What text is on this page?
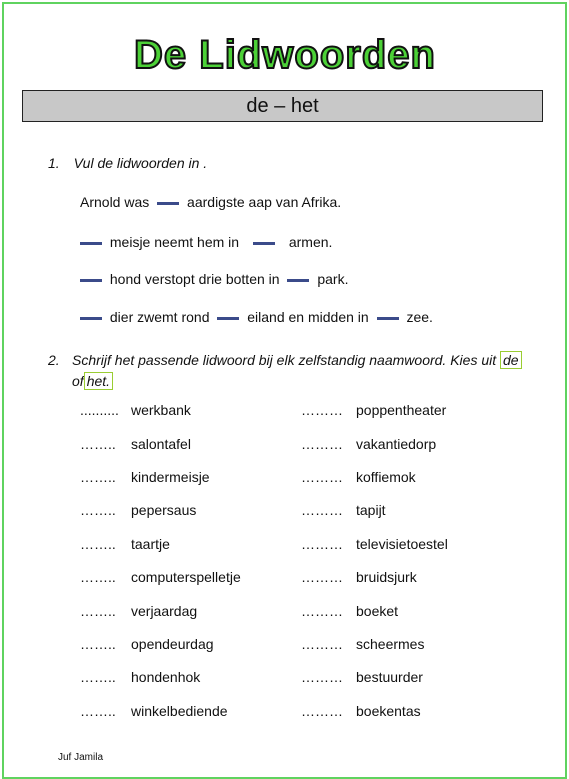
De Lidwoorden
de – het
1. Vul de lidwoorden in .
Arnold was	aardigste aap van Afrika.
meisje neemt hem in	armen.
hond verstopt drie botten in	park.
dier zwemt rond	eiland en midden in	zee.
2. Schrijf het passende lidwoord bij elk zelfstandig naamwoord. Kies uit de of het.
.......... werkbank	……… poppentheater
…….. salontafel	……… vakantiedorp
…….. kindermeisje	……… koffiemok
…….. pepersaus	……… tapijt
…….. taartje	……… televisietoestel
…….. computerspelletje	……… bruidsjurk
…….. verjaardag	……… boeket
…….. opendeurdag	……… scheermes
…….. hondenhok	……… bestuurder
…….. winkelbediende	……… boekentas
Juf Jamila
